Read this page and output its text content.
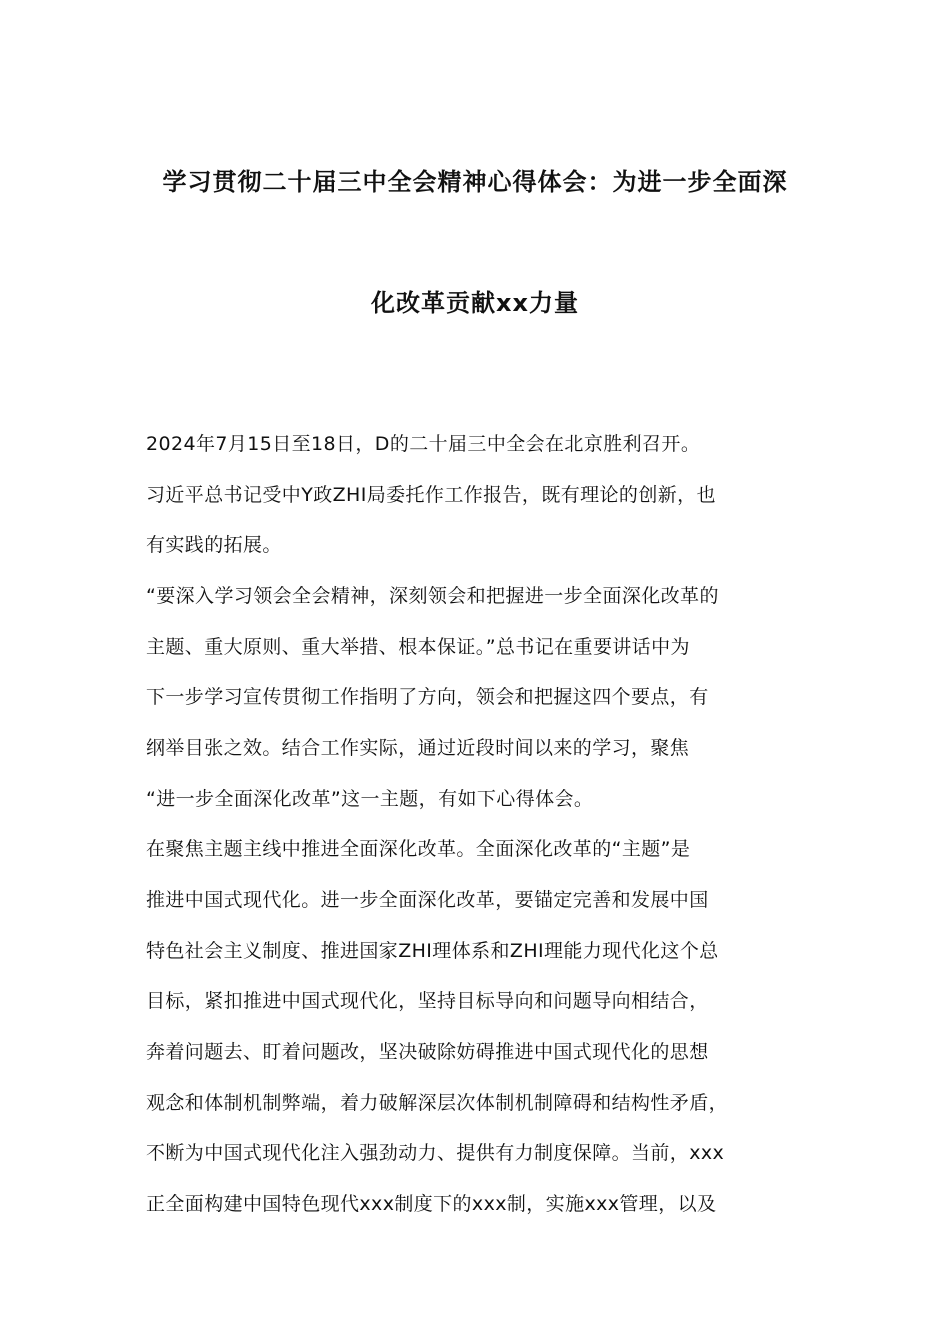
学习贯彻二十届三中全会精神心得体会：为进一步全面深
化改革贡献xx力量
2024年7月15日至18日，D的二十届三中全会在北京胜利召开。
习近平总书记受中Y政ZHI局委托作工作报告，既有理论的创新，也
有实践的拓展。
“要深入学习领会全会精神，深刻领会和把握进一步全面深化改革的
主题、重大原则、重大举措、根本保证。”总书记在重要讲话中为
下一步学习宣传贯彻工作指明了方向，领会和把握这四个要点，有
纲举目张之效。结合工作实际，通过近段时间以来的学习，聚焦
“进一步全面深化改革”这一主题，有如下心得体会。
在聚焦主题主线中推进全面深化改革。全面深化改革的“主题”是
推进中国式现代化。进一步全面深化改革，要锚定完善和发展中国
特色社会主义制度、推进国家ZHI理体系和ZHI理能力现代化这个总
目标，紧扣推进中国式现代化，坚持目标导向和问题导向相结合，
奔着问题去、盯着问题改，坚决破除妨碍推进中国式现代化的思想
观念和体制机制弊端，着力破解深层次体制机制障碍和结构性矛盾，
不断为中国式现代化注入强劲动力、提供有力制度保障。当前，xxx
正全面构建中国特色现代xxx制度下的xxx制，实施xxx管理，以及
